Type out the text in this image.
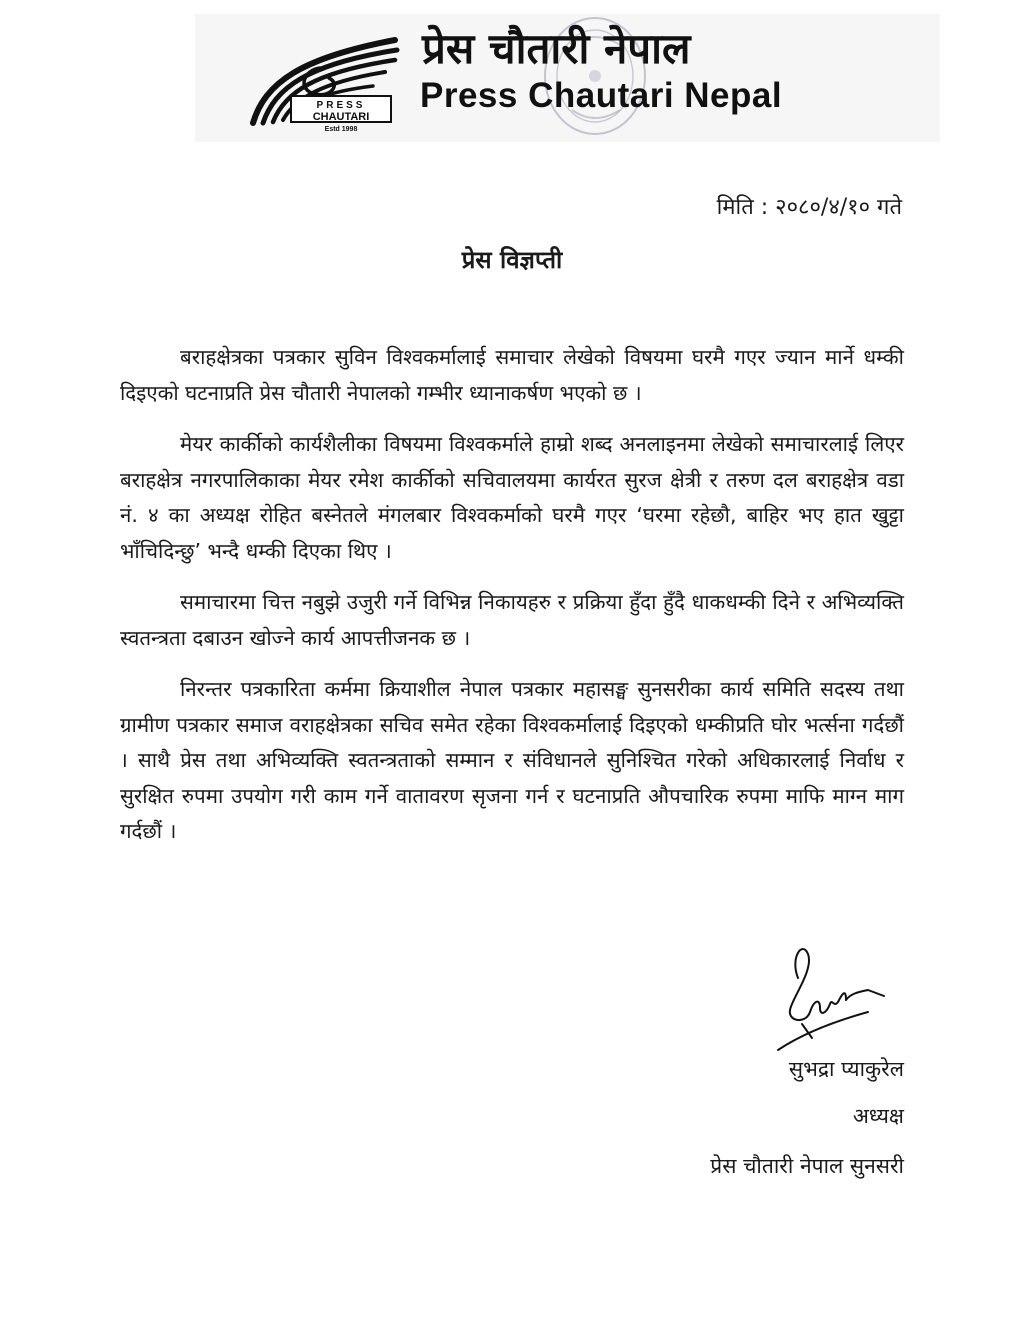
PRESS
CHAUTARI
Estd 1998
प्रेस चौतारी नेपाल
Press Chautari Nepal
मिति : २०८०/४/१० गते
प्रेस विज्ञप्ती

बराहक्षेत्रका पत्रकार सुविन विश्वकर्मालाई समाचार लेखेको विषयमा घरमै गएर ज्यान मार्ने धम्की दिइएको घटनाप्रति प्रेस चौतारी नेपालको गम्भीर ध्यानाकर्षण भएको छ ।

मेयर कार्कीको कार्यशैलीका विषयमा विश्वकर्माले हाम्रो शब्द अनलाइनमा लेखेको समाचारलाई लिएर बराहक्षेत्र नगरपालिकाका मेयर रमेश कार्कीको सचिवालयमा कार्यरत सुरज क्षेत्री र तरुण दल बराहक्षेत्र वडा नं. ४ का अध्यक्ष रोहित बस्नेतले मंगलबार विश्वकर्माको घरमै गएर ‘घरमा रहेछौ, बाहिर भए हात खुट्टा भाँचिदिन्छु’ भन्दै धम्की दिएका थिए ।

समाचारमा चित्त नबुझे उजुरी गर्ने विभिन्न निकायहरु र प्रक्रिया हुँदा हुँदै धाकधम्की दिने र अभिव्यक्ति स्वतन्त्रता दबाउन खोज्ने कार्य आपत्तीजनक छ ।

निरन्तर पत्रकारिता कर्ममा क्रियाशील नेपाल पत्रकार महासङ्घ सुनसरीका कार्य समिति सदस्य तथा ग्रामीण पत्रकार समाज वराहक्षेत्रका सचिव समेत रहेका विश्वकर्मालाई दिइएको धम्कीप्रति घोर भर्त्सना गर्दछौं । साथै प्रेस तथा अभिव्यक्ति स्वतन्त्रताको सम्मान र संविधानले सुनिश्चित गरेको अधिकारलाई निर्वाध र सुरक्षित रुपमा उपयोग गरी काम गर्ने वातावरण सृजना गर्न र घटनाप्रति औपचारिक रुपमा माफि माग्न माग गर्दछौं ।

सुभद्रा प्याकुरेल
अध्यक्ष
प्रेस चौतारी नेपाल सुनसरी
